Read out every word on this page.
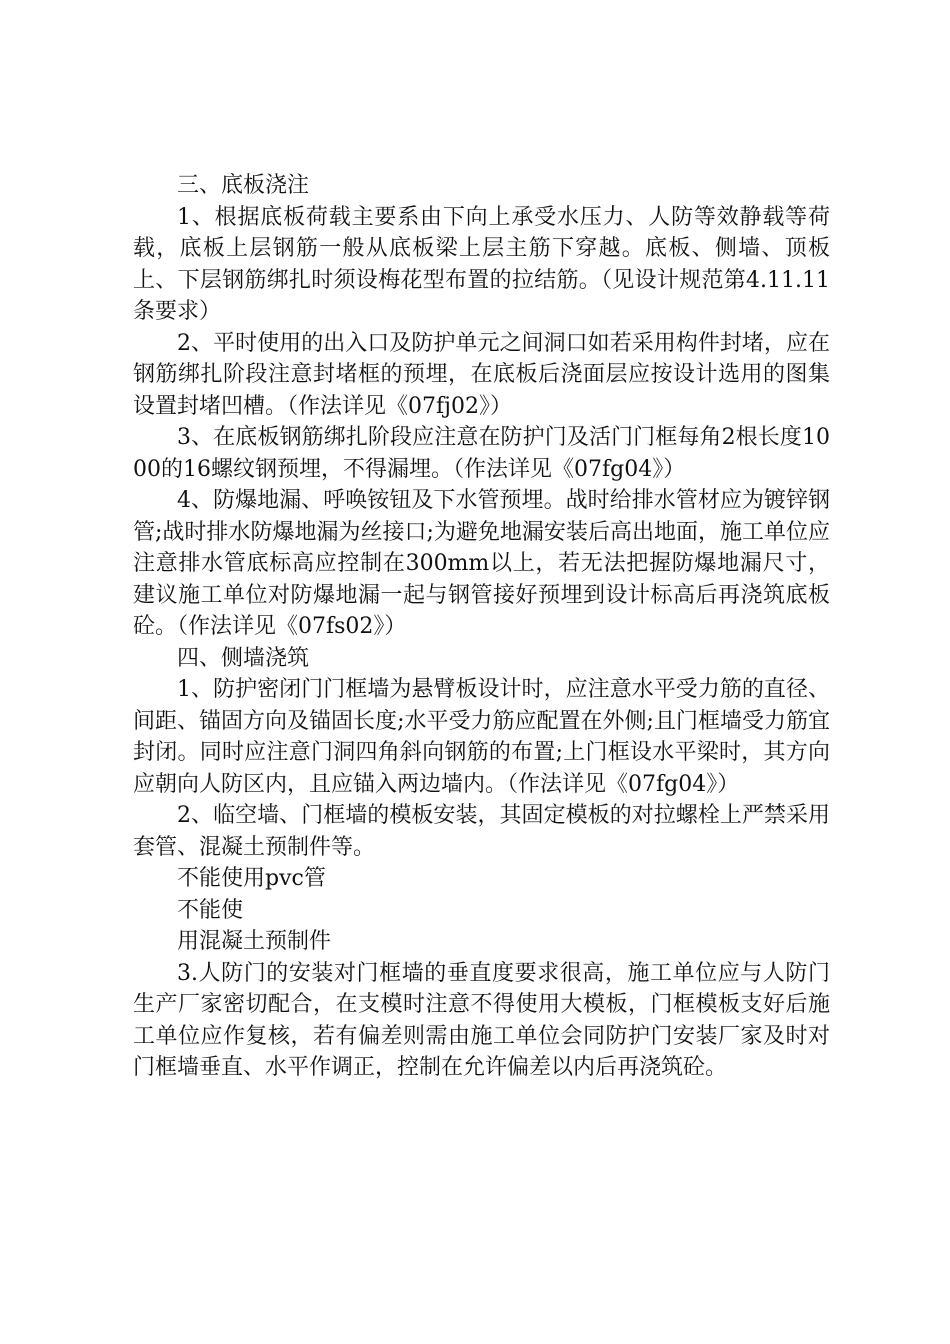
三、底板浇注

1、根据底板荷载主要系由下向上承受水压力、人防等效静载等荷载，底板上层钢筋一般从底板梁上层主筋下穿越。底板、侧墙、顶板上、下层钢筋绑扎时须设梅花型布置的拉结筋。（见设计规范第4.11.11条要求）

2、平时使用的出入口及防护单元之间洞口如若采用构件封堵，应在钢筋绑扎阶段注意封堵框的预埋，在底板后浇面层应按设计选用的图集设置封堵凹槽。（作法详见《07fj02》）

3、在底板钢筋绑扎阶段应注意在防护门及活门门框每角2根长度1000的16螺纹钢预埋，不得漏埋。（作法详见《07fg04》）

4、防爆地漏、呼唤铵钮及下水管预埋。战时给排水管材应为镀锌钢管;战时排水防爆地漏为丝接口;为避免地漏安装后高出地面，施工单位应注意排水管底标高应控制在300mm以上，若无法把握防爆地漏尺寸，建议施工单位对防爆地漏一起与钢管接好预埋到设计标高后再浇筑底板砼。（作法详见《07fs02》）

四、侧墙浇筑

1、防护密闭门门框墙为悬臂板设计时，应注意水平受力筋的直径、间距、锚固方向及锚固长度;水平受力筋应配置在外侧;且门框墙受力筋宜封闭。同时应注意门洞四角斜向钢筋的布置;上门框设水平梁时，其方向应朝向人防区内，且应锚入两边墙内。（作法详见《07fg04》）

2、临空墙、门框墙的模板安装，其固定模板的对拉螺栓上严禁采用套管、混凝土预制件等。

不能使用pvc管

不能使

用混凝土预制件

3.人防门的安装对门框墙的垂直度要求很高，施工单位应与人防门生产厂家密切配合，在支模时注意不得使用大模板，门框模板支好后施工单位应作复核，若有偏差则需由施工单位会同防护门安装厂家及时对门框墙垂直、水平作调正，控制在允许偏差以内后再浇筑砼。
